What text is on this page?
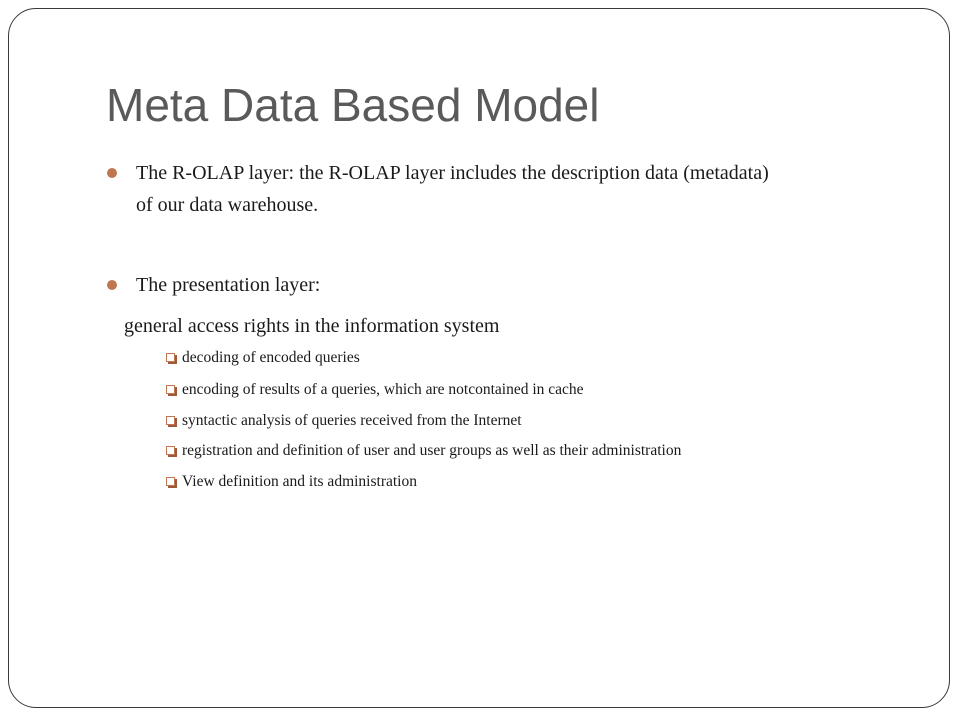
Meta Data Based Model
The R-OLAP layer: the R-OLAP layer includes the description data (metadata)
of our data warehouse.
The presentation layer:
general access rights in the information system
decoding of encoded queries
encoding of results of a queries, which are notcontained in cache
syntactic analysis of queries received from the Internet
registration and definition of user and user groups as well as their administration
View definition and its administration
